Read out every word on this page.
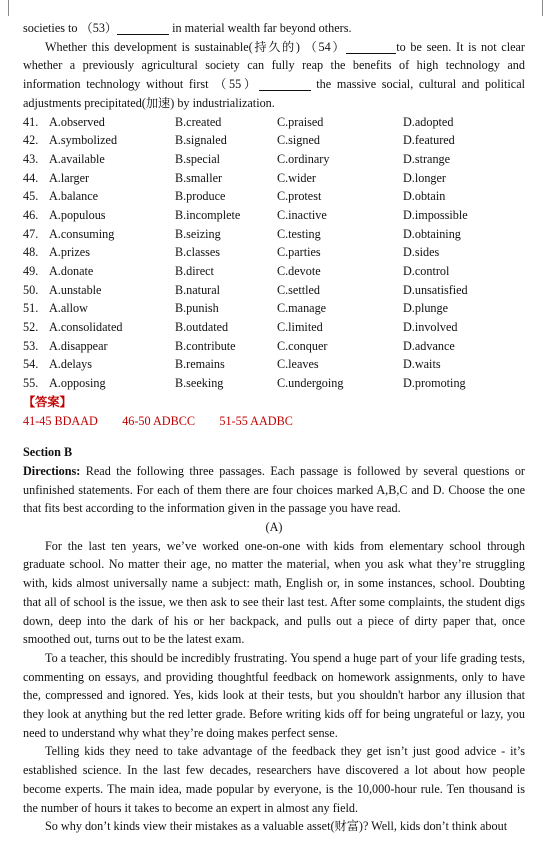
societies to （53）	in material wealth far beyond others.

Whether this development is sustainable(持久的) （54）	to be seen. It is not clear whether a previously agricultural society can fully reap the benefits of high technology and information technology without first （55）	the massive social, cultural and political adjustments precipitated(加速) by industrialization.

41. A.observed	B.created	C.praised	D.adopted
42. A.symbolized	B.signaled	C.signed	D.featured
43. A.available	B.special	C.ordinary	D.strange
44. A.larger	B.smaller	C.wider	D.longer
45. A.balance	B.produce	C.protest	D.obtain
46. A.populous	B.incomplete	C.inactive	D.impossible
47. A.consuming	B.seizing	C.testing	D.obtaining
48. A.prizes	B.classes	C.parties	D.sides
49. A.donate	B.direct	C.devote	D.control
50. A.unstable	B.natural	C.settled	D.unsatisfied
51. A.allow	B.punish	C.manage	D.plunge
52. A.consolidated	B.outdated	C.limited	D.involved
53. A.disappear	B.contribute	C.conquer	D.advance
54. A.delays	B.remains	C.leaves	D.waits
55. A.opposing	B.seeking	C.undergoing	D.promoting
【答案】
41-45 BDAAD        46-50 ADBCC        51-55 AADBC
Section B

Directions: Read the following three passages. Each passage is followed by several questions or unfinished statements. For each of them there are four choices marked A,B,C and D. Choose the one that fits best according to the information given in the passage you have read.

(A)

For the last ten years, we’ve worked one-on-one with kids from elementary school through graduate school. No matter their age, no matter the material, when you ask what they’re struggling with, kids almost universally name a subject: math, English or, in some instances, school. Doubting that all of school is the issue, we then ask to see their last test. After some complaints, the student digs down, deep into the dark of his or her backpack, and pulls out a piece of dirty paper that, once smoothed out, turns out to be the latest exam.

To a teacher, this should be incredibly frustrating. You spend a huge part of your life grading tests, commenting on essays, and providing thoughtful feedback on homework assignments, only to have the, compressed and ignored. Yes, kids look at their tests, but you shouldn't harbor any illusion that they look at anything but the red letter grade. Before writing kids off for being ungrateful or lazy, you need to understand why what they’re doing makes perfect sense.

Telling kids they need to take advantage of the feedback they get isn’t just good advice - it’s established science. In the last few decades, researchers have discovered a lot about how people become experts. The main idea, made popular by everyone, is the 10,000-hour rule. Ten thousand is the number of hours it takes to become an expert in almost any field.

So why don’t kinds view their mistakes as a valuable asset(财富)? Well, kids don’t think about
